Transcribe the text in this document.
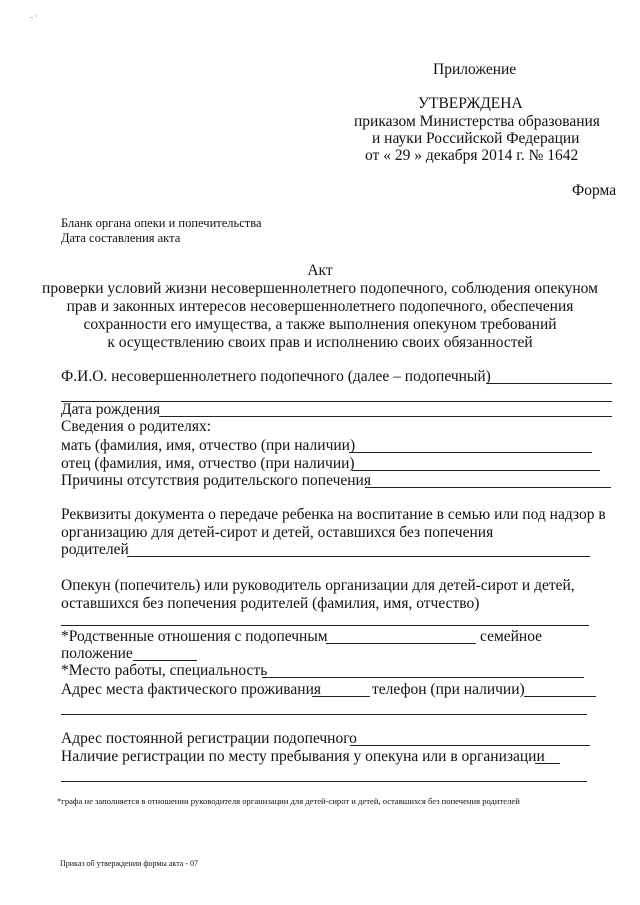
ᵔ ʿ
Приложение
УТВЕРЖДЕНА
приказом Министерства образования
и науки Российской Федерации
от « 29 » декабря 2014 г. № 1642
Форма
Бланк органа опеки и попечительства
Дата составления акта
Акт
проверки условий жизни несовершеннолетнего подопечного, соблюдения опекуном
прав и законных интересов несовершеннолетнего подопечного, обеспечения
сохранности его имущества, а также выполнения опекуном требований
к осуществлению своих прав и исполнению своих обязанностей
Ф.И.О. несовершеннолетнего подопечного (далее – подопечный)
Дата рождения
Сведения о родителях:
мать (фамилия, имя, отчество (при наличии)
отец (фамилия, имя, отчество (при наличии)
Причины отсутствия родительского попечения
Реквизиты документа о передаче ребенка на воспитание в семью или под надзор в
организацию для детей-сирот и детей, оставшихся без попечения
родителей
Опекун (попечитель) или руководитель организации для детей-сирот и детей,
оставшихся без попечения родителей (фамилия, имя, отчество)
*Родственные отношения с подопечным	семейное
положение
*Место работы, специальность
Адрес места фактического проживания	телефон (при наличии)
Адрес постоянной регистрации подопечного
Наличие регистрации по месту пребывания у опекуна или в организации
*графа не заполняется в отношении руководителя организации для детей-сирот и детей, оставшихся без попечения родителей
Приказ об утверждении формы акта - 07
